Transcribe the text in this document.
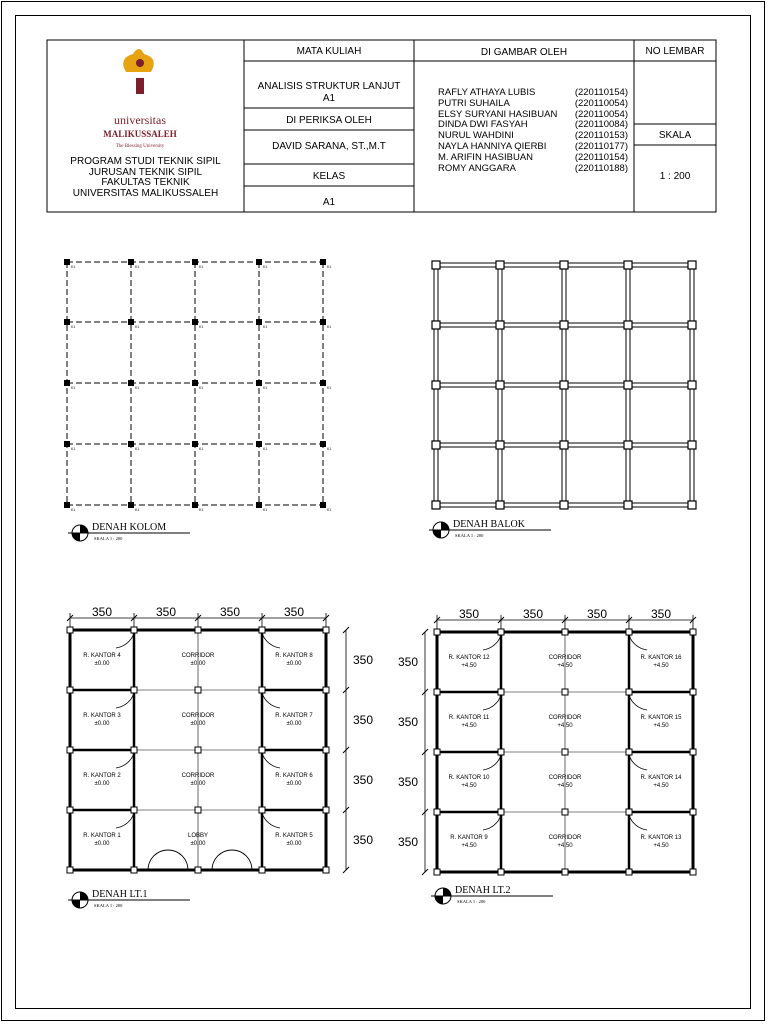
MATA KULIAH
ANALISIS STRUKTUR LANJUT
A1
DI PERIKSA OLEH
DAVID SARANA, ST.,M.T
KELAS
A1
DI GAMBAR OLEH	NO LEMBAR
SKALA
1 : 200
PROGRAM STUDI TEKNIK SIPIL
JURUSAN TEKNIK SIPIL
FAKULTAS TEKNIK
UNIVERSITAS MALIKUSSALEH
RAFLY ATHAYA LUBIS	(220110154)
PUTRI SUHAILA	(220110054)
ELSY SURYANI HASIBUAN (220110054)
DINDA DWI FASYAH	(220110084)
NURUL WAHDINI	(220110153)
NAYLA HANNIYA QIERBI	(220110177)
M. ARIFIN HASIBUAN	(220110154)
ROMY ANGGARA	(220110188)
universitas
MALIKUSSALEH
The Blessing University
K1
K1
K1
K1
K1
K1
K1
K1
K1
K1
K1
K1
K1
K1
K1
K1
K1
K1
K1
K1
K1
K1
K1
K1
K1
DENAH KOLOM
SKALA 1 : 200
DENAH BALOK
SKALA 1 : 200
350	350	350	350
350
350
350
350
R. KANTOR 4
±0.00
CORRIDOR
±0.00
R. KANTOR 8
±0.00
R. KANTOR 3
±0.00
CORRIDOR
±0.00
R. KANTOR 7
±0.00
R. KANTOR 2
±0.00
CORRIDOR
±0.00
R. KANTOR 6
±0.00
R. KANTOR 1
±0.00
LOBBY
±0.00
R. KANTOR 5
±0.00
DENAH LT.1
SKALA 1 : 200
350	350	350	350
350
350
350
350
R. KANTOR 12
+4.50
CORRIDOR
+4.50
R. KANTOR 16
+4.50
R. KANTOR 11
+4.50
CORRIDOR
+4.50
R. KANTOR 15
+4.50
R. KANTOR 10
+4.50
CORRIDOR
+4.50
R. KANTOR 14
+4.50
R. KANTOR 9
+4.50
CORRIDOR
+4.50
R. KANTOR 13
+4.50
DENAH LT.2
SKALA 1 : 200
